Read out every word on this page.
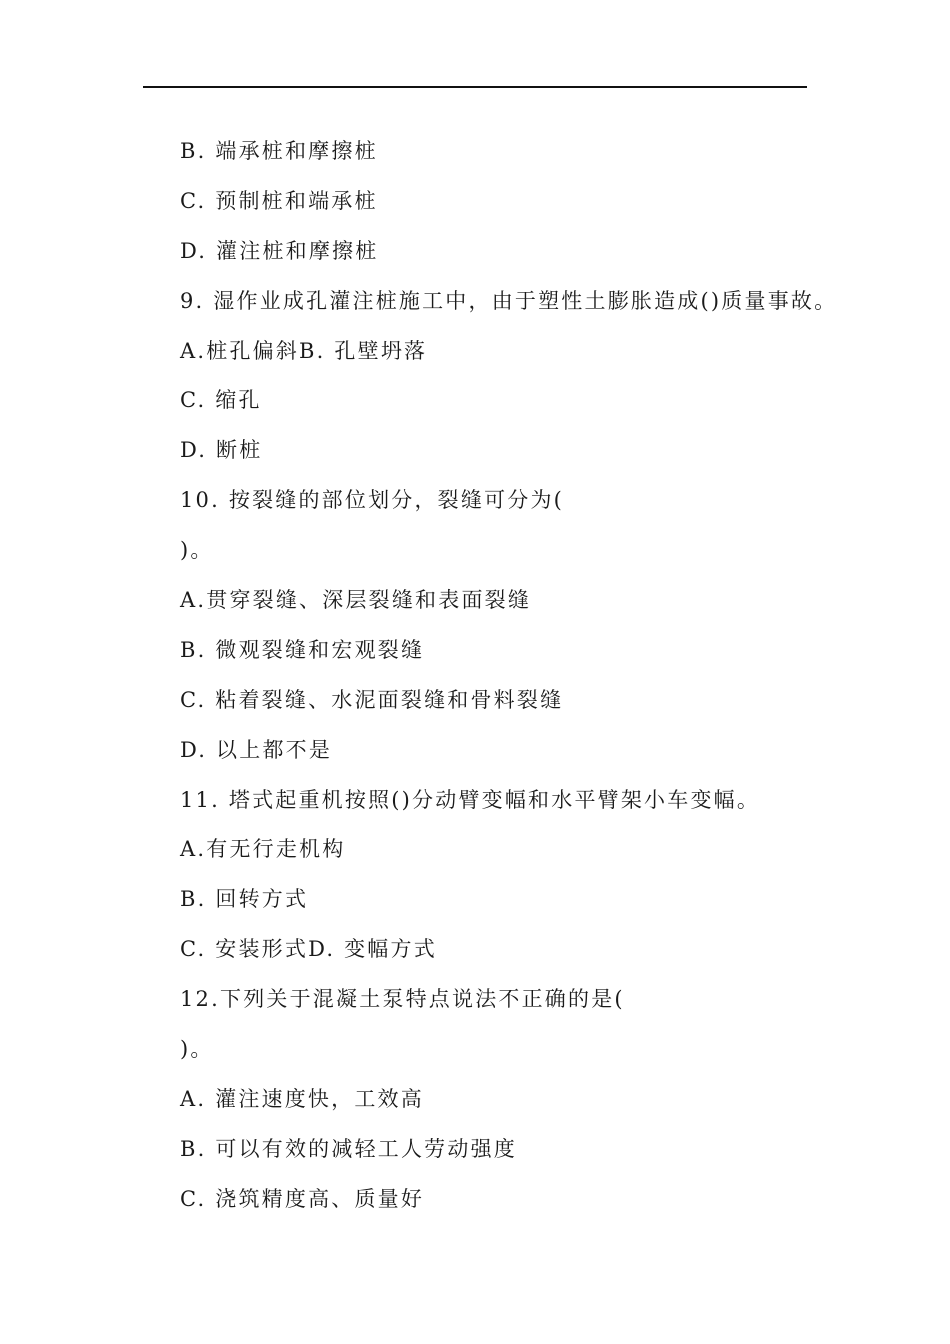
B. 端承桩和摩擦桩
C. 预制桩和端承桩
D. 灌注桩和摩擦桩
9. 湿作业成孔灌注桩施工中，由于塑性土膨胀造成()质量事故。
A.桩孔偏斜B. 孔壁坍落
C. 缩孔
D. 断桩
10. 按裂缝的部位划分，裂缝可分为(
)。
A.贯穿裂缝、深层裂缝和表面裂缝
B. 微观裂缝和宏观裂缝
C. 粘着裂缝、水泥面裂缝和骨料裂缝
D. 以上都不是
11. 塔式起重机按照()分动臂变幅和水平臂架小车变幅。
A.有无行走机构
B. 回转方式
C. 安装形式D. 变幅方式
12.下列关于混凝土泵特点说法不正确的是(
)。
A. 灌注速度快，工效高
B. 可以有效的减轻工人劳动强度
C. 浇筑精度高、质量好
